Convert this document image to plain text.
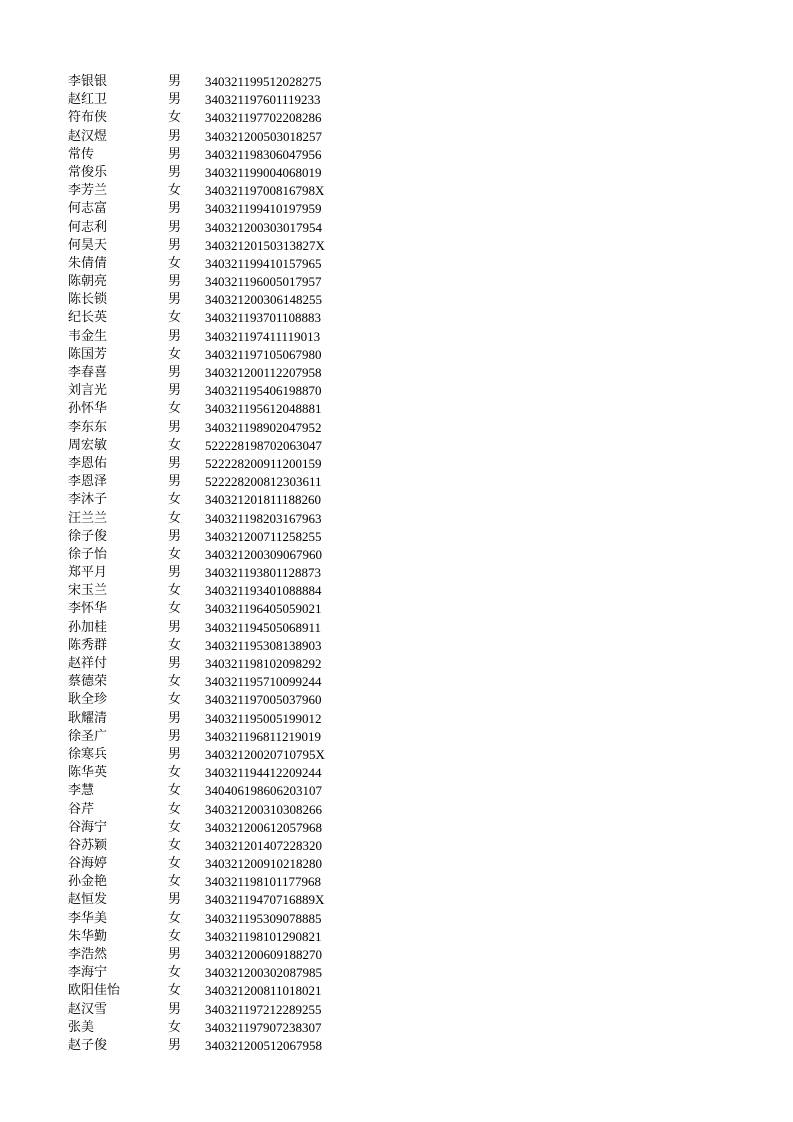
李银银	男 340321199512028275
赵红卫	男 340321197601119233
符布侠	女 340321197702208286
赵汉煜	男 340321200503018257
常传	男 340321198306047956
常俊乐	男 340321199004068019
李芳兰	女 34032119700816798X
何志富	男 340321199410197959
何志利	男 340321200303017954
何昊天	男 34032120150313827X
朱倩倩	女 340321199410157965
陈朝亮	男 340321196005017957
陈长锁	男 340321200306148255
纪长英	女 340321193701108883
韦金生	男 340321197411119013
陈国芳	女 340321197105067980
李春喜	男 340321200112207958
刘言光	男 340321195406198870
孙怀华	女 340321195612048881
李东东	男 340321198902047952
周宏敏	女 522228198702063047
李恩佑	男 522228200911200159
李恩泽	男 522228200812303611
李沐子	女 340321201811188260
汪兰兰	女 340321198203167963
徐子俊	男 340321200711258255
徐子怡	女 340321200309067960
郑平月	男 340321193801128873
宋玉兰	女 340321193401088884
李怀华	女 340321196405059021
孙加桂	男 340321194505068911
陈秀群	女 340321195308138903
赵祥付	男 340321198102098292
蔡德荣	女 340321195710099244
耿全珍	女 340321197005037960
耿耀清	男 340321195005199012
徐圣广	男 340321196811219019
徐寒兵	男 34032120020710795X
陈华英	女 340321194412209244
李慧	女 340406198606203107
谷芹	女 340321200310308266
谷海宁	女 340321200612057968
谷苏颖	女 340321201407228320
谷海婷	女 340321200910218280
孙金艳	女 340321198101177968
赵恒发	男 34032119470716889X
李华美	女 340321195309078885
朱华勤	女 340321198101290821
李浩然	男 340321200609188270
李海宁	女 340321200302087985
欧阳佳怡	女 340321200811018021
赵汉雪	男 340321197212289255
张美	女 340321197907238307
赵子俊	男 340321200512067958
